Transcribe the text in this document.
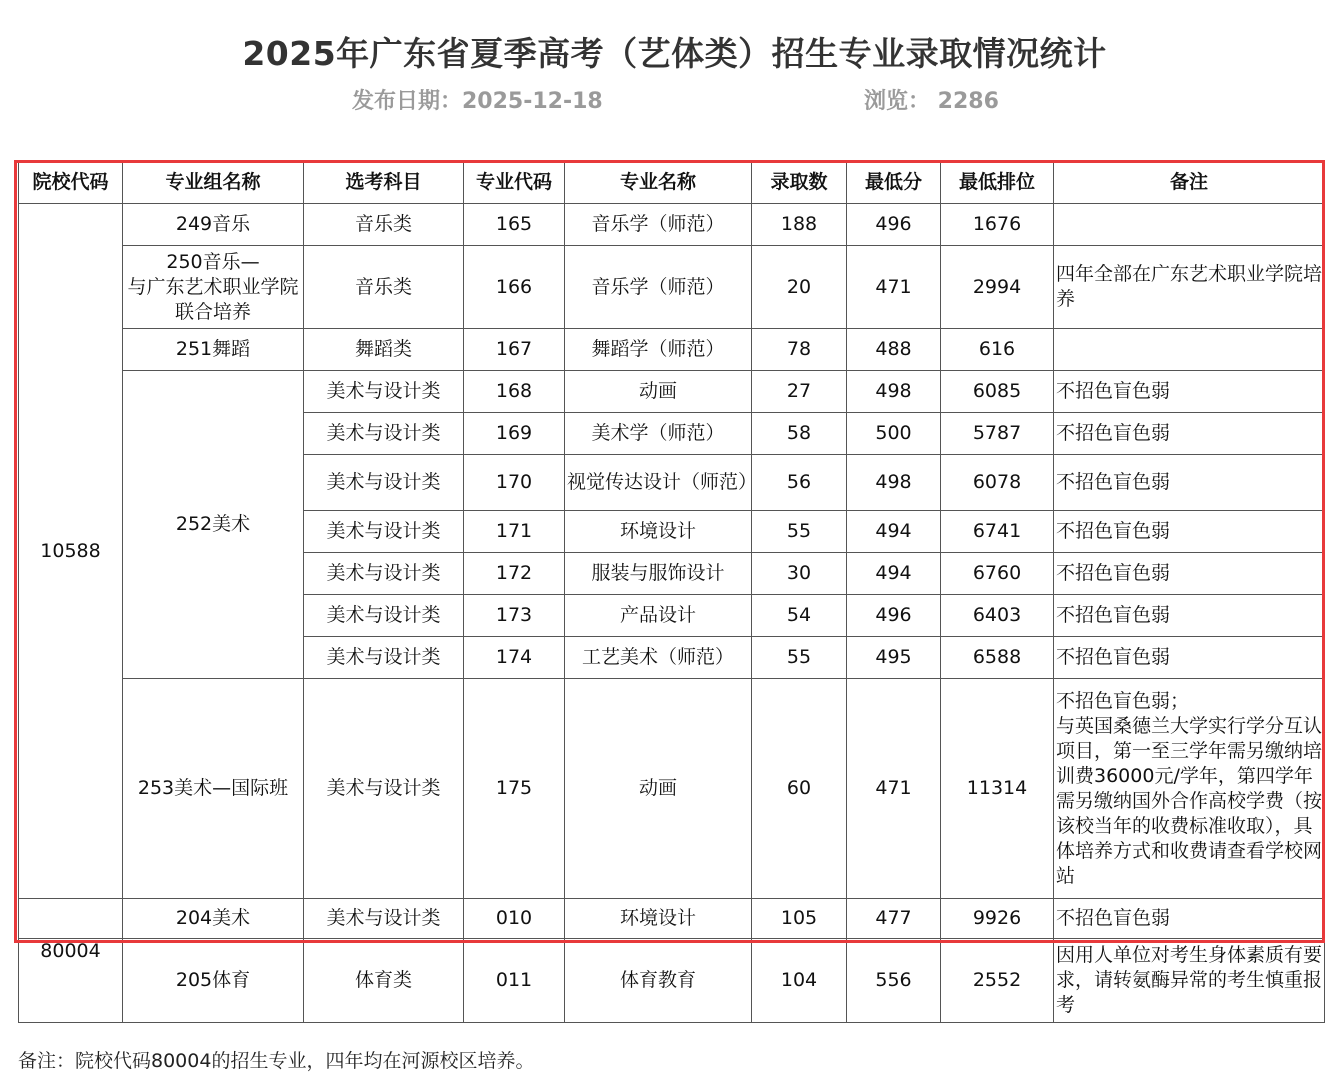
2025年广东省夏季高考（艺体类）招生专业录取情况统计
发布日期：2025-12-18	浏览： 2286
院校代码	专业组名称	选考科目	专业代码	专业名称	录取数	最低分	最低排位	备注
10588	249音乐	音乐类	165	音乐学（师范）	188	496	1676	
	250音乐—
与广东艺术职业学院
联合培养	音乐类	166	音乐学（师范）	20	471	2994	四年全部在广东艺术职业学院培养
	251舞蹈	舞蹈类	167	舞蹈学（师范）	78	488	616	
	252美术	美术与设计类	168	动画	27	498	6085	不招色盲色弱
		美术与设计类	169	美术学（师范）	58	500	5787	不招色盲色弱
		美术与设计类	170	视觉传达设计（师范）	56	498	6078	不招色盲色弱
		美术与设计类	171	环境设计	55	494	6741	不招色盲色弱
		美术与设计类	172	服装与服饰设计	30	494	6760	不招色盲色弱
		美术与设计类	173	产品设计	54	496	6403	不招色盲色弱
		美术与设计类	174	工艺美术（师范）	55	495	6588	不招色盲色弱
	253美术—国际班	美术与设计类	175	动画	60	471	11314	不招色盲色弱；
与英国桑德兰大学实行学分互认项目，第一至三学年需另缴纳培训费36000元/学年，第四学年需另缴纳国外合作高校学费（按该校当年的收费标准收取），具体培养方式和收费请查看学校网站
	204美术	美术与设计类	010	环境设计	105	477	9926	不招色盲色弱
80004	205体育	体育类	011	体育教育	104	556	2552	因用人单位对考生身体素质有要求，请转氨酶异常的考生慎重报考
备注：院校代码80004的招生专业，四年均在河源校区培养。
